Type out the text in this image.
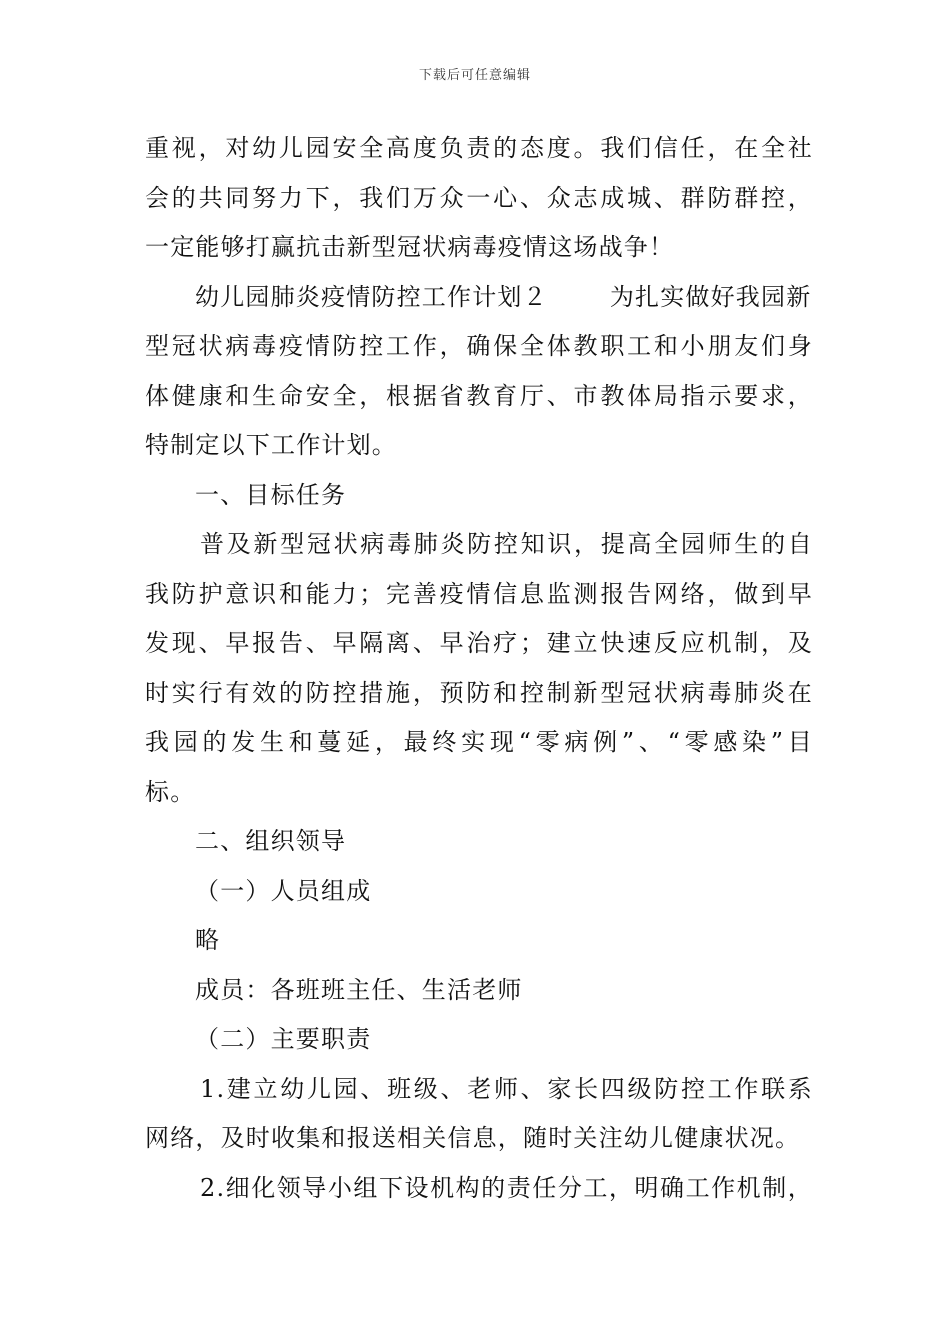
下载后可任意编辑
重视，对幼儿园安全高度负责的态度。我们信任，在全社
会的共同努力下，我们万众一心、众志成城、群防群控，
一定能够打赢抗击新型冠状病毒疫情这场战争！
幼儿园肺炎疫情防控工作计划２	为扎实做好我园新
型冠状病毒疫情防控工作，确保全体教职工和小朋友们身
体健康和生命安全，根据省教育厅、市教体局指示要求，
特制定以下工作计划。
一、目标任务
普及新型冠状病毒肺炎防控知识，提高全园师生的自
我防护意识和能力；完善疫情信息监测报告网络，做到早
发现、早报告、早隔离、早治疗；建立快速反应机制，及
时实行有效的防控措施，预防和控制新型冠状病毒肺炎在
我园的发生和蔓延，最终实现“零病例”、“零感染”目
标。
二、组织领导
（一）人员组成
略
成员：各班班主任、生活老师
（二）主要职责
1.建立幼儿园、班级、老师、家长四级防控工作联系
网络，及时收集和报送相关信息，随时关注幼儿健康状况。
2.细化领导小组下设机构的责任分工，明确工作机制，
